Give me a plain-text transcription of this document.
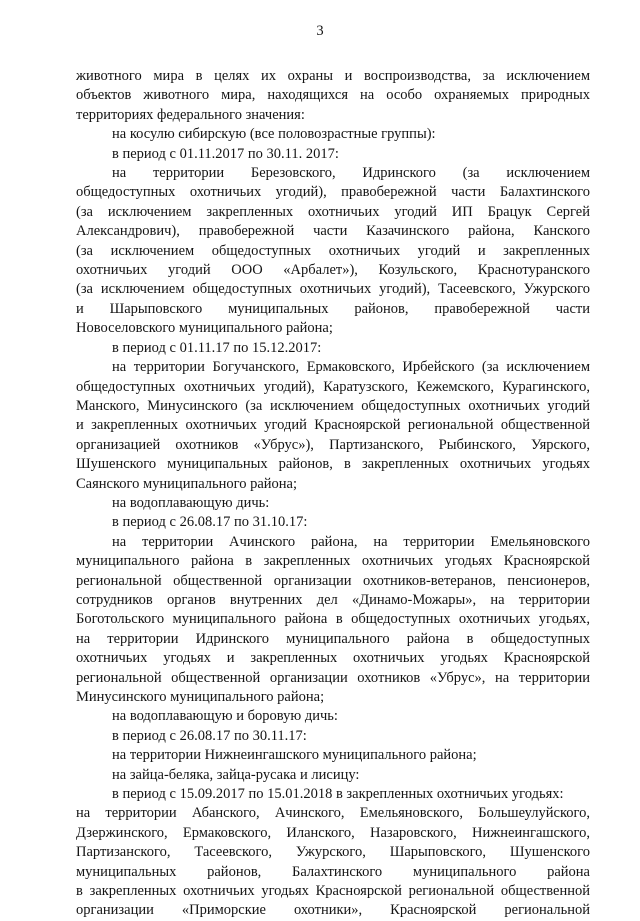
3
животного мира в целях их охраны и воспроизводства, за исключением
объектов животного мира, находящихся на особо охраняемых природных
территориях федерального значения:
на косулю сибирскую (все половозрастные группы):
в период с 01.11.2017 по 30.11. 2017:
на территории Березовского, Идринского (за исключением
общедоступных охотничьих угодий), правобережной части Балахтинского
(за исключением закрепленных охотничьих угодий ИП Брацук Сергей
Александрович), правобережной части Казачинского района, Канского
(за исключением общедоступных охотничьих угодий и закрепленных
охотничьих угодий ООО «Арбалет»), Козульского, Краснотуранского
(за исключением общедоступных охотничьих угодий), Тасеевского, Ужурского
и Шарыповского муниципальных районов, правобережной части
Новоселовского муниципального района;
в период с 01.11.17 по 15.12.2017:
на территории Богучанского, Ермаковского, Ирбейского (за исключением
общедоступных охотничьих угодий), Каратузского, Кежемского, Курагинского,
Манского, Минусинского (за исключением общедоступных охотничьих угодий
и закрепленных охотничьих угодий Красноярской региональной общественной
организацией охотников «Убрус»), Партизанского, Рыбинского, Уярского,
Шушенского муниципальных районов, в закрепленных охотничьих угодьях
Саянского муниципального района;
на водоплавающую дичь:
в период с 26.08.17 по 31.10.17:
на территории Ачинского района, на территории Емельяновского
муниципального района в закрепленных охотничьих угодьях Красноярской
региональной общественной организации охотников-ветеранов, пенсионеров,
сотрудников органов внутренних дел «Динамо-Можары», на территории
Боготольского муниципального района в общедоступных охотничьих угодьях,
на территории Идринского муниципального района в общедоступных
охотничьих угодьях и закрепленных охотничьих угодьях Красноярской
региональной общественной организации охотников «Убрус», на территории
Минусинского муниципального района;
на водоплавающую и боровую дичь:
в период с 26.08.17 по 30.11.17:
на территории Нижнеингашского муниципального района;
на зайца-беляка, зайца-русака и лисицу:
в период с 15.09.2017 по 15.01.2018 в закрепленных охотничьих угодьях:
на территории Абанского, Ачинского, Емельяновского, Большеулуйского,
Дзержинского, Ермаковского, Иланского, Назаровского, Нижнеингашского,
Партизанского, Тасеевского, Ужурского, Шарыповского, Шушенского
муниципальных районов, Балахтинского муниципального района
в закрепленных охотничьих угодьях Красноярской региональной общественной
организации «Приморские охотники», Красноярской региональной
